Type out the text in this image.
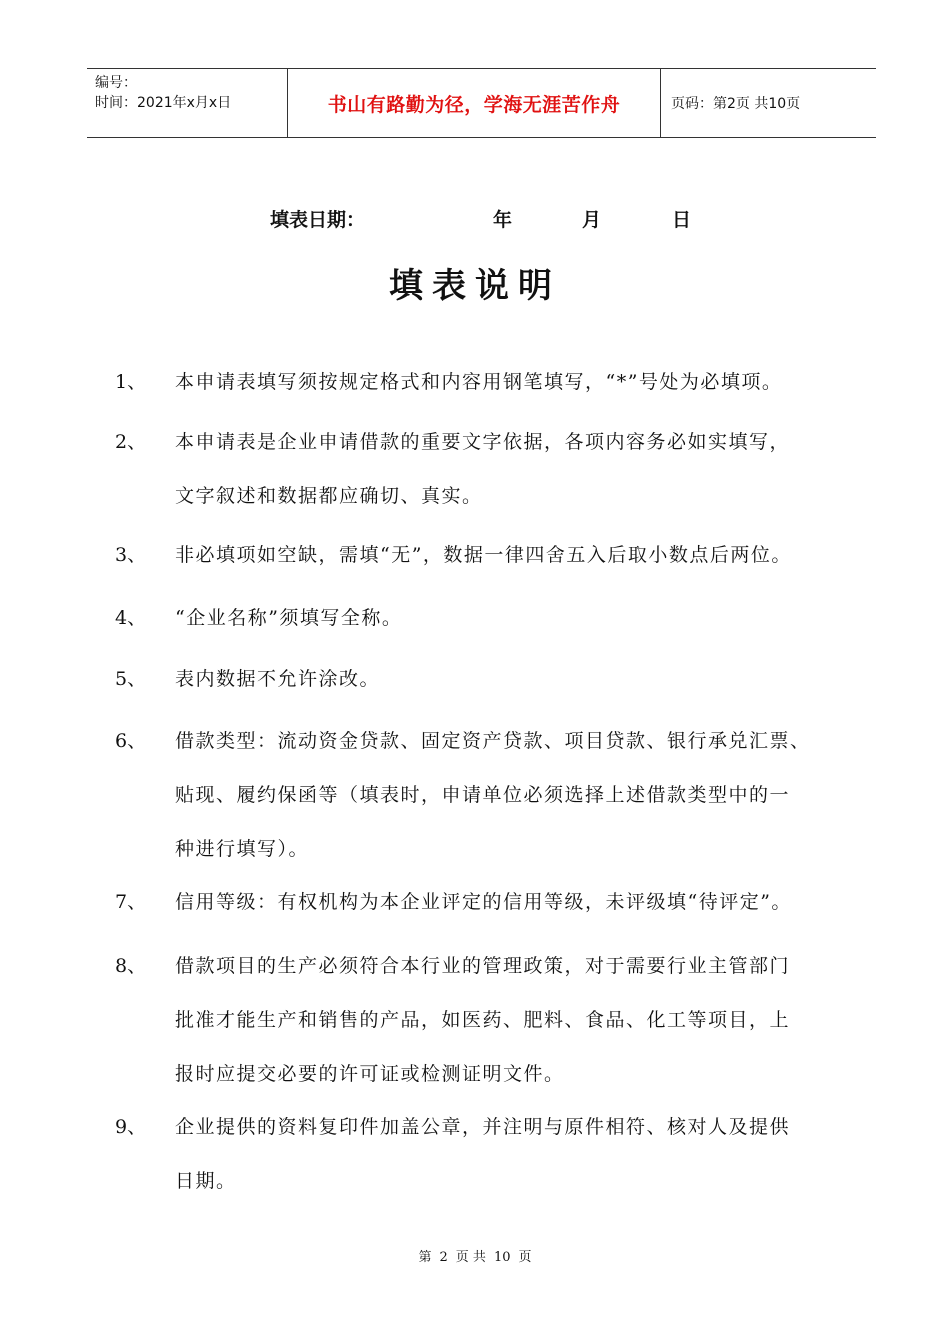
编号：
时间：2021年x月x日	书山有路勤为径，学海无涯苦作舟	页码：第2页 共10页
填表日期：	年	月	日
填表说明
1、 本申请表填写须按规定格式和内容用钢笔填写，“*”号处为必填项。
2、 本申请表是企业申请借款的重要文字依据，各项内容务必如实填写，
文字叙述和数据都应确切、真实。
3、 非必填项如空缺，需填“无”，数据一律四舍五入后取小数点后两位。
4、 “企业名称”须填写全称。
5、 表内数据不允许涂改。
6、 借款类型：流动资金贷款、固定资产贷款、项目贷款、银行承兑汇票、
贴现、履约保函等（填表时，申请单位必须选择上述借款类型中的一
种进行填写）。
7、 信用等级：有权机构为本企业评定的信用等级，未评级填“待评定”。
8、 借款项目的生产必须符合本行业的管理政策，对于需要行业主管部门
批准才能生产和销售的产品，如医药、肥料、食品、化工等项目，上
报时应提交必要的许可证或检测证明文件。
9、 企业提供的资料复印件加盖公章，并注明与原件相符、核对人及提供
日期。
第 2 页 共 10 页
